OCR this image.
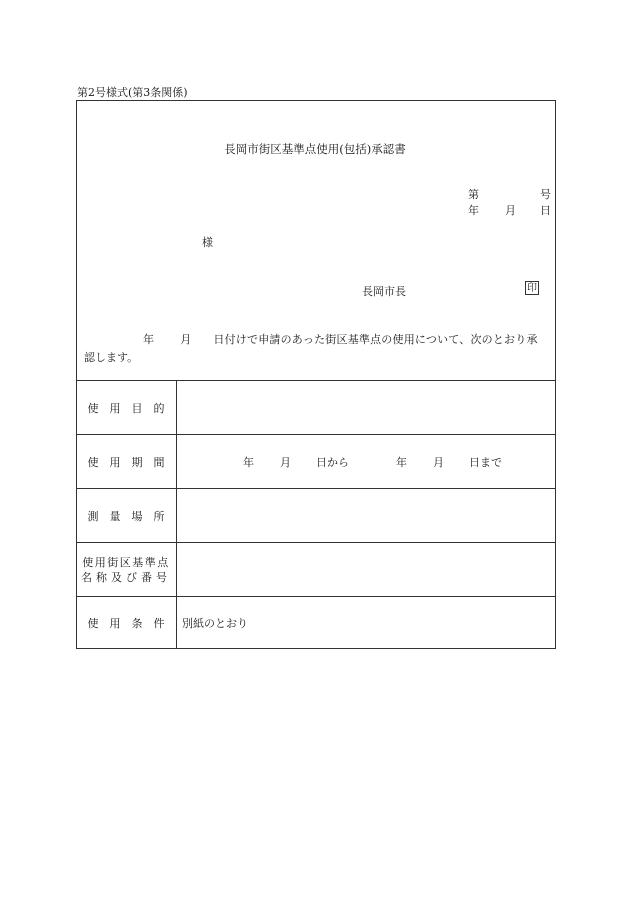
第2号様式(第3条関係)
長岡市街区基準点使用(包括)承認書
第	号
年 月 日
様
長岡市長	印
年 月 日付けで申請のあった街区基準点の使用について、次のとおり承
認します。
使用目的
使用期間	年 月 日から	年 月 日まで
測量場所
使用街区基準点
名称及び番号
使用条件 別紙のとおり
